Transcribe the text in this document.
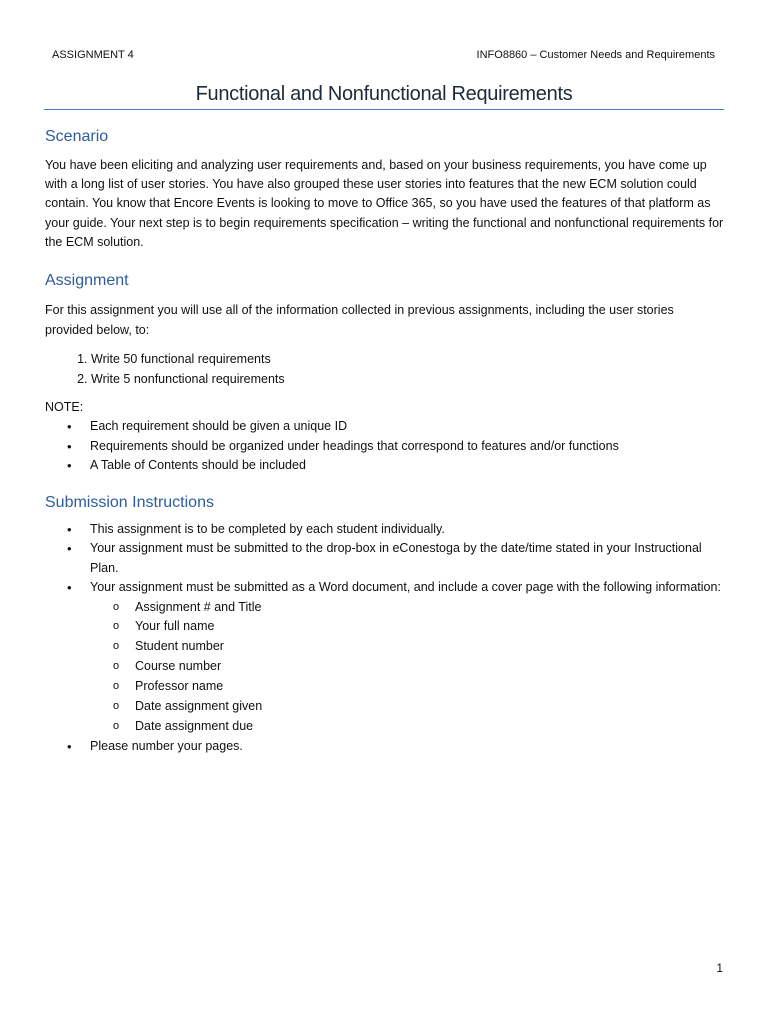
ASSIGNMENT 4	INFO8860 – Customer Needs and Requirements
Functional and Nonfunctional Requirements
Scenario

You have been eliciting and analyzing user requirements and, based on your business requirements, you have come up with a long list of user stories. You have also grouped these user stories into features that the new ECM solution could contain. You know that Encore Events is looking to move to Office 365, so you have used the features of that platform as your guide. Your next step is to begin requirements specification – writing the functional and nonfunctional requirements for the ECM solution.

Assignment

For this assignment you will use all of the information collected in previous assignments, including the user stories provided below, to:

1. Write 50 functional requirements
2. Write 5 nonfunctional requirements

NOTE:

• Each requirement should be given a unique ID
• Requirements should be organized under headings that correspond to features and/or functions
• A Table of Contents should be included
Submission Instructions
• This assignment is to be completed by each student individually.
• Your assignment must be submitted to the drop-box in eConestoga by the date/time stated in your Instructional Plan.
• Your assignment must be submitted as a Word document, and include a cover page with the following information:
o Assignment # and Title
o Your full name
o Student number
o Course number
o Professor name
o Date assignment given
o Date assignment due
• Please number your pages.
1
